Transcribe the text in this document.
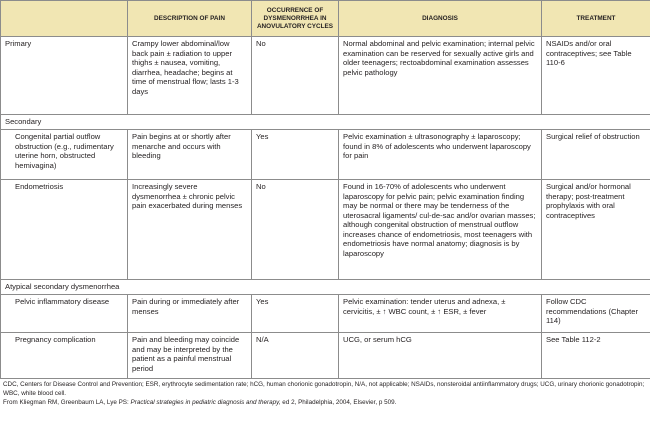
	DESCRIPTION OF PAIN	OCCURRENCE OF DYSMENORRHEA IN ANOVULATORY CYCLES	DIAGNOSIS	TREATMENT
Primary	Crampy lower abdominal/low back pain ± radiation to upper thighs ± nausea, vomiting, diarrhea, headache; begins at time of menstrual flow; lasts 1-3 days	No	Normal abdominal and pelvic examination; internal pelvic examination can be reserved for sexually active girls and older teenagers; rectoabdominal examination assesses pelvic pathology	NSAIDs and/or oral contraceptives; see Table 110-6
Secondary				
Congenital partial outflow obstruction (e.g., rudimentary uterine horn, obstructed hemivagina)	Pain begins at or shortly after menarche and occurs with bleeding	Yes	Pelvic examination ± ultrasonography ± laparoscopy; found in 8% of adolescents who underwent laparoscopy for pain	Surgical relief of obstruction
Endometriosis	Increasingly severe dysmenorrhea ± chronic pelvic pain exacerbated during menses	No	Found in 16-70% of adolescents who underwent laparoscopy for pelvic pain; pelvic examination finding may be normal or there may be tenderness of the uterosacral ligaments/ cul-de-sac and/or ovarian masses; although congenital obstruction of menstrual outflow increases chance of endometriosis, most teenagers with endometriosis have normal anatomy; diagnosis is by laparoscopy	Surgical and/or hormonal therapy; post-treatment prophylaxis with oral contraceptives
Atypical secondary dysmenorrhea				
Pelvic inflammatory disease	Pain during or immediately after menses	Yes	Pelvic examination: tender uterus and adnexa, ± cervicitis, ± ↑ WBC count, ± ↑ ESR, ± fever	Follow CDC recommendations (Chapter 114)
Pregnancy complication	Pain and bleeding may coincide and may be interpreted by the patient as a painful menstrual period	N/A	UCG, or serum hCG	See Table 112-2

CDC, Centers for Disease Control and Prevention; ESR, erythrocyte sedimentation rate; hCG, human chorionic gonadotropin, N/A, not applicable; NSAIDs, nonsteroidal antiinflammatory drugs; UCG, urinary chorionic gonadotropin; WBC, white blood cell.

From Kliegman RM, Greenbaum LA, Lye PS: Practical strategies in pediatric diagnosis and therapy, ed 2, Philadelphia, 2004, Elsevier, p 509.
